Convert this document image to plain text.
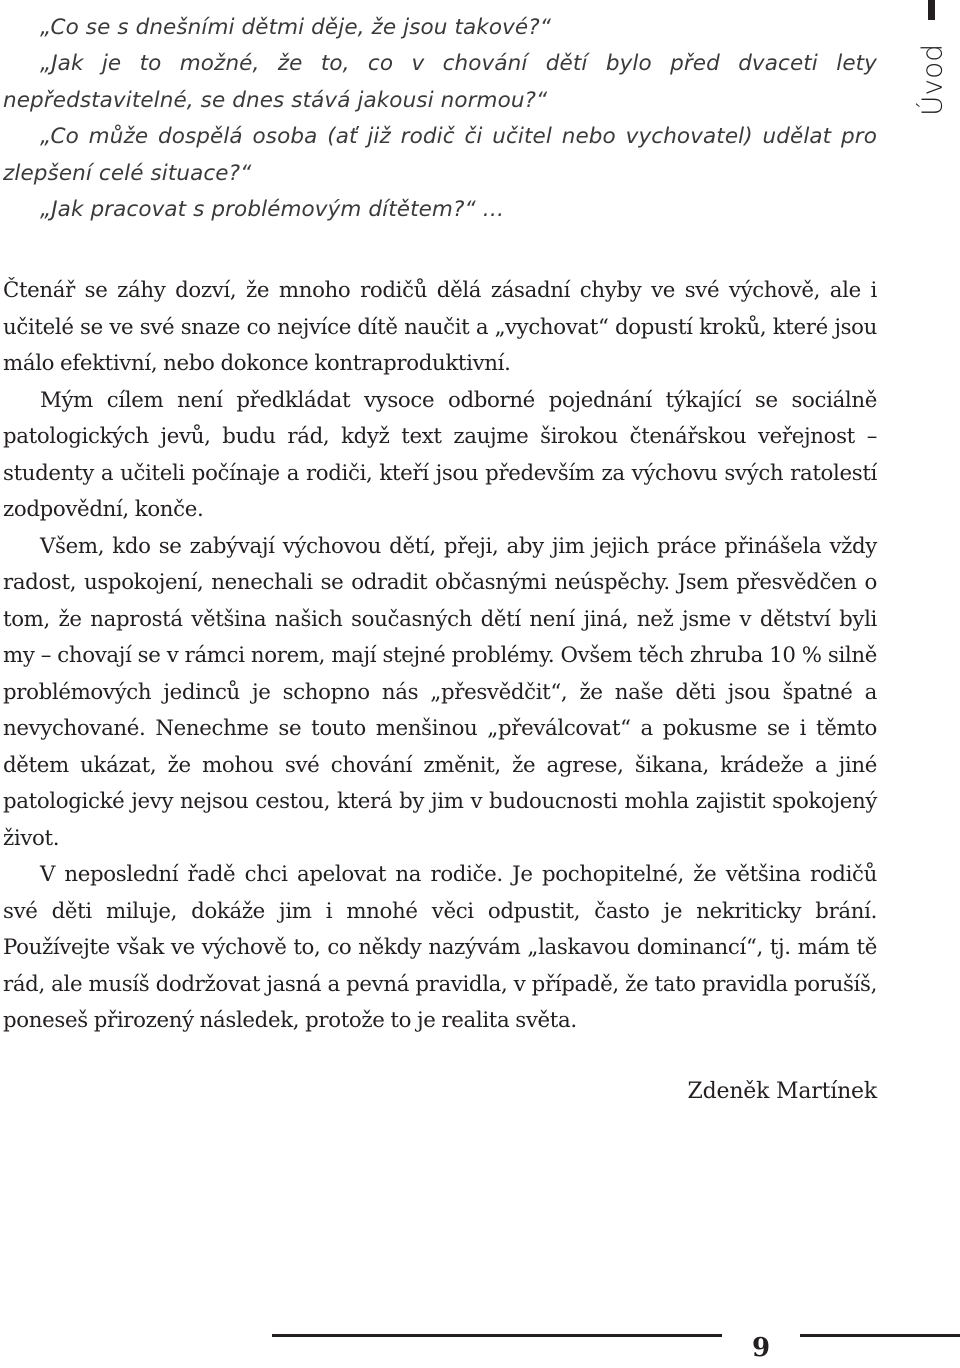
Úvod

„Co se s dnešními dětmi děje, že jsou takové?“

„Jak je to možné, že to, co v chování dětí bylo před dvaceti lety nepředstavitelné, se dnes stává jakousi normou?“

„Co může dospělá osoba (ať již rodič či učitel nebo vychovatel) udělat pro zlepšení celé situace?“

„Jak pracovat s problémovým dítětem?“ …

Čtenář se záhy dozví, že mnoho rodičů dělá zásadní chyby ve své výchově, ale i učitelé se ve své snaze co nejvíce dítě naučit a „vychovat“ dopustí kroků, které jsou málo efektivní, nebo dokonce kontraproduktivní.

Mým cílem není předkládat vysoce odborné pojednání týkající se sociálně patologických jevů, budu rád, když text zaujme širokou čtenářskou veřejnost – studenty a učiteli počínaje a rodiči, kteří jsou především za výchovu svých ratolestí zodpovědní, konče.

Všem, kdo se zabývají výchovou dětí, přeji, aby jim jejich práce přinášela vždy radost, uspokojení, nenechali se odradit občasnými neúspěchy. Jsem přesvědčen o tom, že naprostá většina našich současných dětí není jiná, než jsme v dětství byli my – chovají se v rámci norem, mají stejné problémy. Ovšem těch zhruba 10 % silně problémových jedinců je schopno nás „přesvědčit“, že naše děti jsou špatné a nevychované. Nenechme se touto menšinou „převálcovat“ a pokusme se i těmto dětem ukázat, že mohou své chování změnit, že agrese, šikana, krádeže a jiné patologické jevy nejsou cestou, která by jim v budoucnosti mohla zajistit spokojený život.

V neposlední řadě chci apelovat na rodiče. Je pochopitelné, že většina rodičů své děti miluje, dokáže jim i mnohé věci odpustit, často je nekriticky brání. Používejte však ve výchově to, co někdy nazývám „laskavou dominancí“, tj. mám tě rád, ale musíš dodržovat jasná a pevná pravidla, v případě, že tato pravidla porušíš, poneseš přirozený následek, protože to je realita světa.

Zdeněk Martínek
9
